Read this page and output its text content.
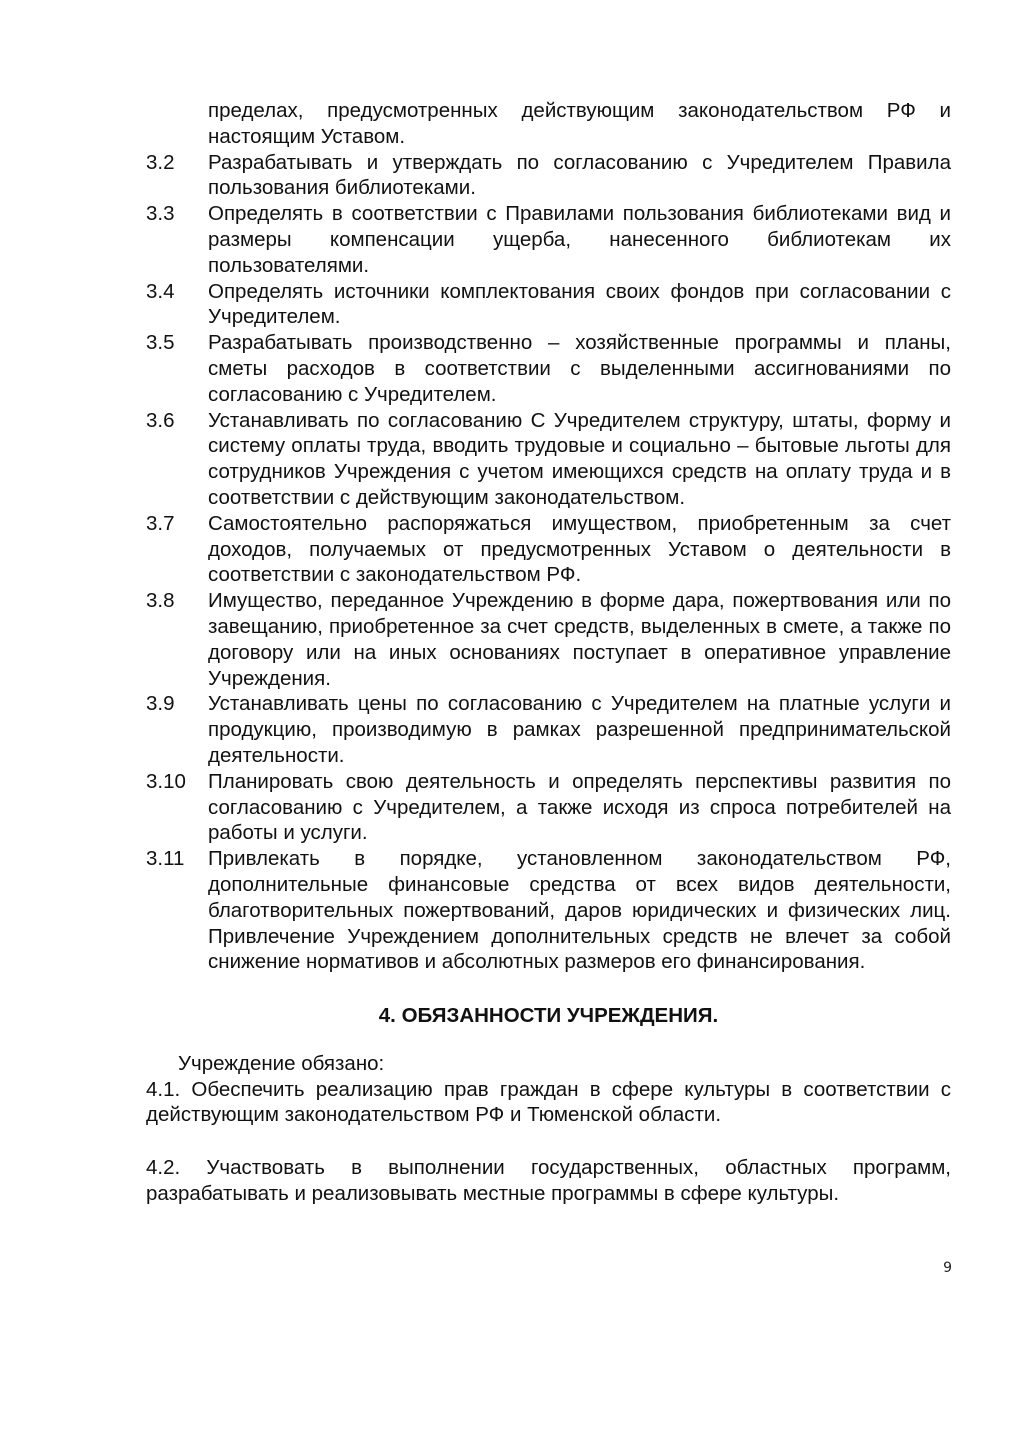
пределах, предусмотренных действующим законодательством РФ и настоящим Уставом.
3.2	Разрабатывать и утверждать по согласованию с Учредителем Правила пользования библиотеками.
3.3	Определять в соответствии с Правилами пользования библиотеками вид и размеры компенсации ущерба, нанесенного библиотекам их пользователями.
3.4	Определять источники комплектования своих фондов при согласовании с Учредителем.
3.5	Разрабатывать производственно – хозяйственные программы и планы, сметы расходов в соответствии с выделенными ассигнованиями по согласованию с Учредителем.
3.6	Устанавливать по согласованию С Учредителем структуру, штаты, форму и систему оплаты труда, вводить трудовые и социально – бытовые льготы для сотрудников Учреждения с учетом имеющихся средств на оплату труда и в соответствии с действующим законодательством.
3.7	Самостоятельно распоряжаться имуществом, приобретенным за счет доходов, получаемых от предусмотренных Уставом о деятельности в соответствии с законодательством РФ.
3.8	Имущество, переданное Учреждению в форме дара, пожертвования или по завещанию, приобретенное за счет средств, выделенных в смете, а также по договору или на иных основаниях поступает в оперативное управление Учреждения.
3.9	Устанавливать цены по согласованию с Учредителем на платные услуги и продукцию, производимую в рамках разрешенной предпринимательской деятельности.
3.10	Планировать свою деятельность и определять перспективы развития по согласованию с Учредителем, а также исходя из спроса потребителей на работы и услуги.
3.11	Привлекать в порядке, установленном законодательством РФ, дополнительные финансовые средства от всех видов деятельности, благотворительных пожертвований, даров юридических и физических лиц. Привлечение Учреждением дополнительных средств не влечет за собой снижение нормативов и абсолютных размеров его финансирования.
4. ОБЯЗАННОСТИ УЧРЕЖДЕНИЯ.
Учреждение обязано:
4.1. Обеспечить реализацию прав граждан в сфере культуры в соответствии с действующим законодательством РФ и Тюменской области.
4.2. Участвовать в выполнении государственных, областных программ, разрабатывать и реализовывать местные программы в сфере культуры.
9
